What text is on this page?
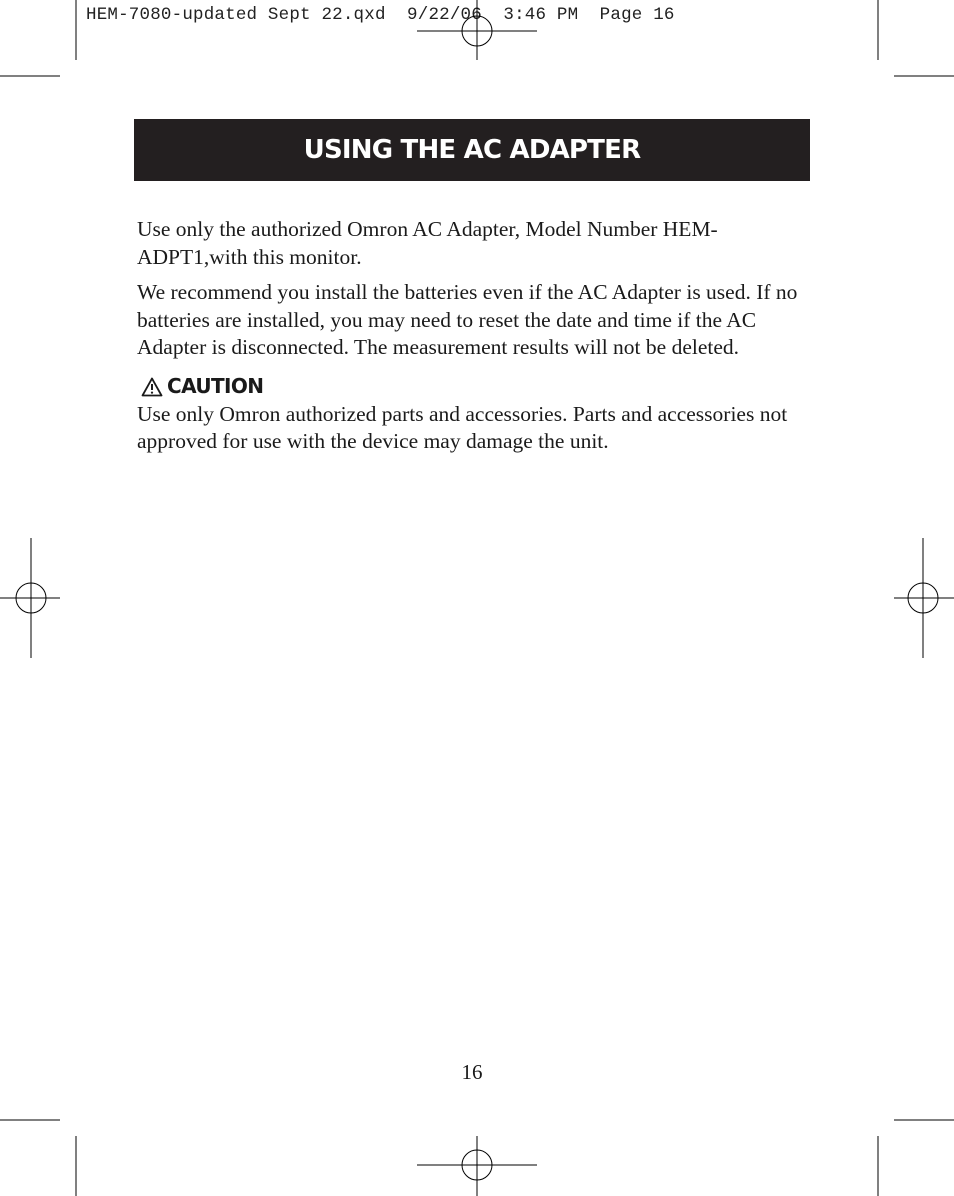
HEM-7080-updated Sept 22.qxd  9/22/06  3:46 PM  Page 16

USING THE AC ADAPTER

Use only the authorized Omron AC Adapter, Model Number HEM-ADPT1,with this monitor.

We recommend you install the batteries even if the AC Adapter is used. If no batteries are installed, you may need to reset the date and time if the AC Adapter is disconnected. The measurement results will not be deleted.

CAUTION

Use only Omron authorized parts and accessories. Parts and accessories not approved for use with the device may damage the unit.

16
